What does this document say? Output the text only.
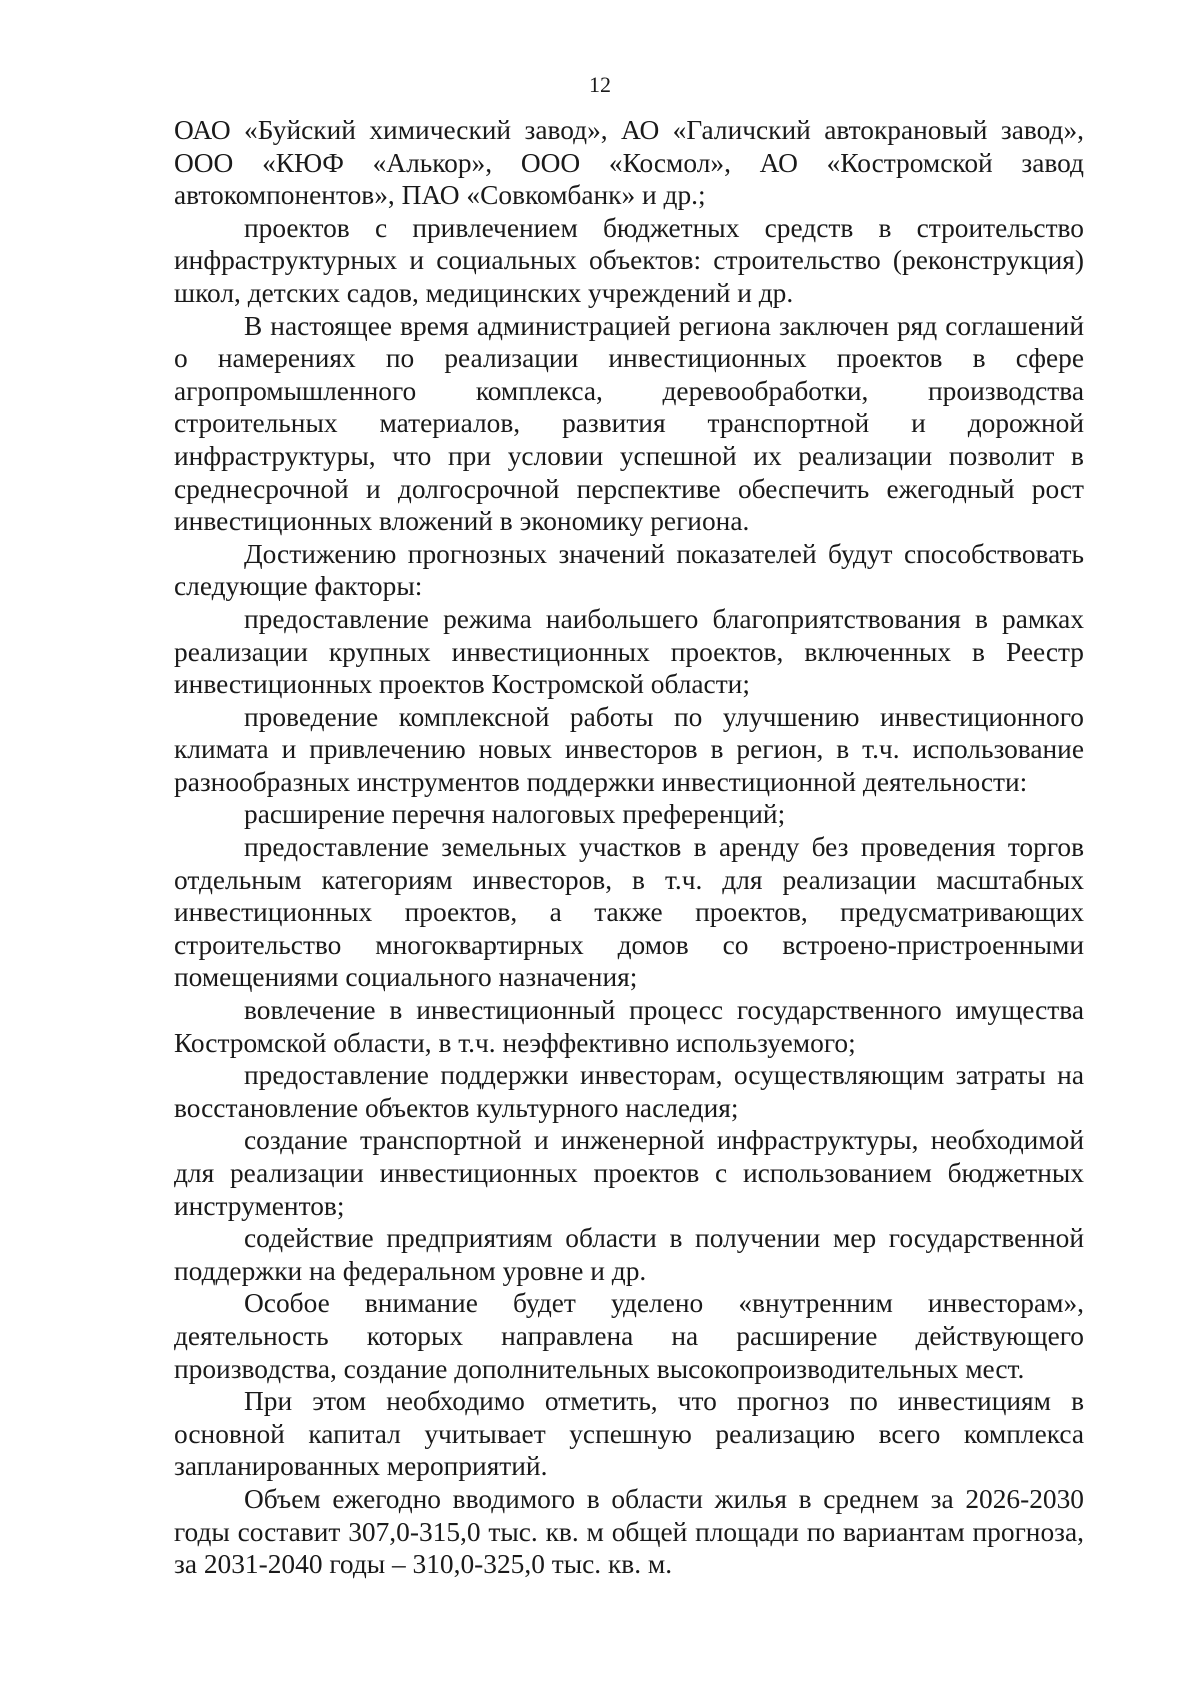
12

ОАО «Буйский химический завод», АО «Галичский автокрановый завод», ООО «КЮФ «Алькор», ООО «Космол», АО «Костромской завод автокомпонентов», ПАО «Совкомбанк» и др.;

проектов с привлечением бюджетных средств в строительство инфраструктурных и социальных объектов: строительство (реконструкция) школ, детских садов, медицинских учреждений и др.

В настоящее время администрацией региона заключен ряд соглашений о намерениях по реализации инвестиционных проектов в сфере агропромышленного комплекса, деревообработки, производства строительных материалов, развития транспортной и дорожной инфраструктуры, что при условии успешной их реализации позволит в среднесрочной и долгосрочной перспективе обеспечить ежегодный рост инвестиционных вложений в экономику региона.

Достижению прогнозных значений показателей будут способствовать следующие факторы:

предоставление режима наибольшего благоприятствования в рамках реализации крупных инвестиционных проектов, включенных в Реестр инвестиционных проектов Костромской области;

проведение комплексной работы по улучшению инвестиционного климата и привлечению новых инвесторов в регион, в т.ч. использование разнообразных инструментов поддержки инвестиционной деятельности:

расширение перечня налоговых преференций;

предоставление земельных участков в аренду без проведения торгов отдельным категориям инвесторов, в т.ч. для реализации масштабных инвестиционных проектов, а также проектов, предусматривающих строительство многоквартирных домов со встроено-пристроенными помещениями социального назначения;

вовлечение в инвестиционный процесс государственного имущества Костромской области, в т.ч. неэффективно используемого;

предоставление поддержки инвесторам, осуществляющим затраты на восстановление объектов культурного наследия;

создание транспортной и инженерной инфраструктуры, необходимой для реализации инвестиционных проектов с использованием бюджетных инструментов;

содействие предприятиям области в получении мер государственной поддержки на федеральном уровне и др.

Особое внимание будет уделено «внутренним инвесторам», деятельность которых направлена на расширение действующего производства, создание дополнительных высокопроизводительных мест.

При этом необходимо отметить, что прогноз по инвестициям в основной капитал учитывает успешную реализацию всего комплекса запланированных мероприятий.

Объем ежегодно вводимого в области жилья в среднем за 2026-2030 годы составит 307,0-315,0 тыс. кв. м общей площади по вариантам прогноза, за 2031-2040 годы – 310,0-325,0 тыс. кв. м.
